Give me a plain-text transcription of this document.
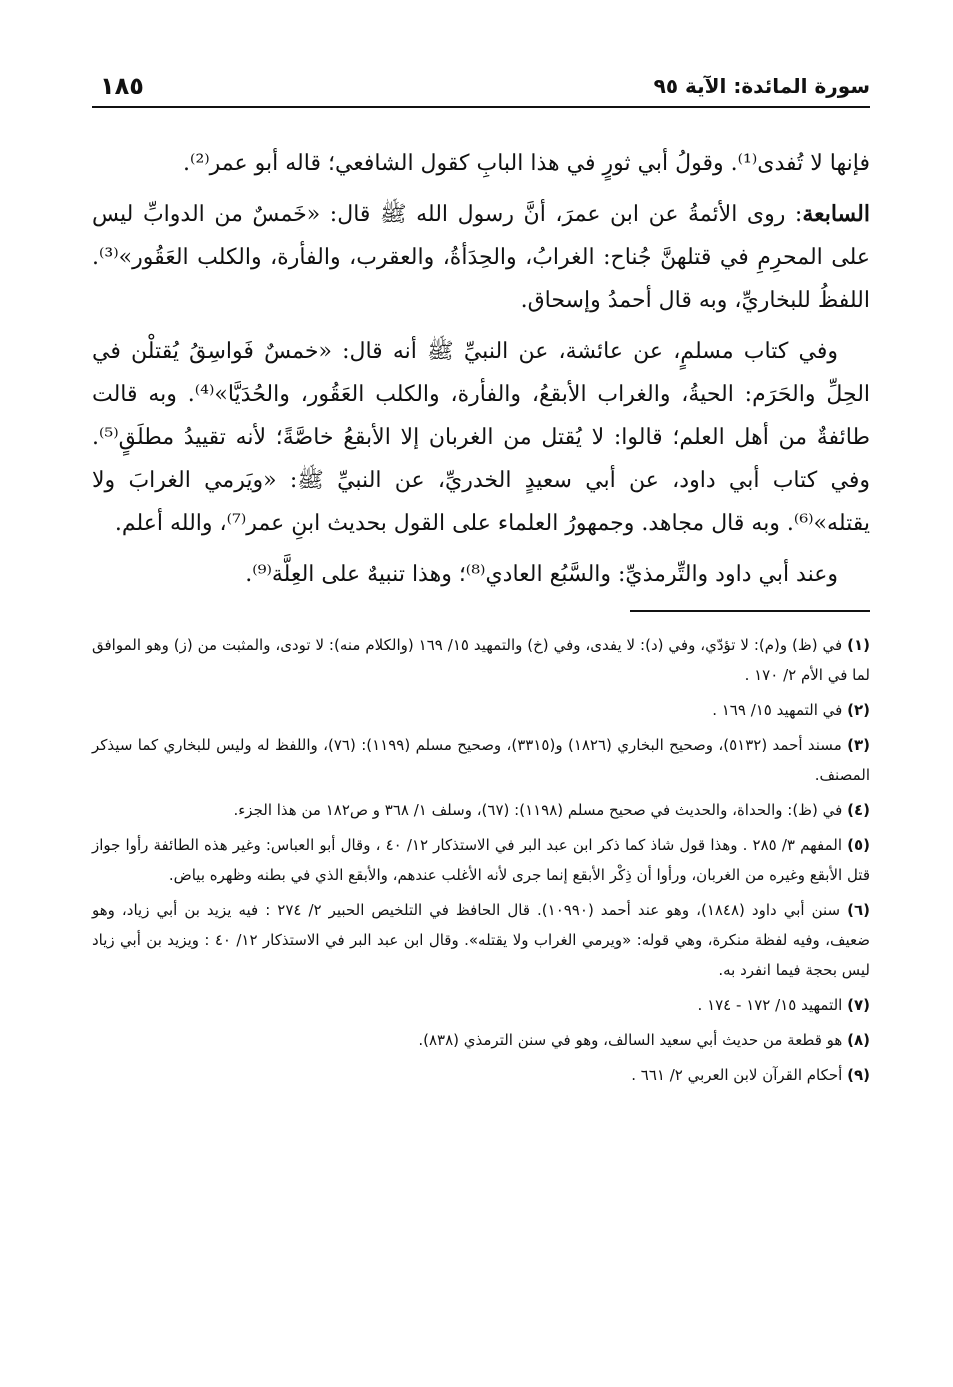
سورة المائدة: الآية ٩٥
١٨٥

فإنها لا تُفدى⁽¹⁾. وقولُ أبي ثورٍ في هذا البابِ كقول الشافعي؛ قاله أبو عمر⁽²⁾.

السابعة: روى الأئمةُ عن ابن عمرَ، أنَّ رسول الله ﷺ قال: «خَمسٌ من الدوابِّ ليس على المحرِمِ في قتلهنَّ جُناح: الغرابُ، والحِدَأةُ، والعقرب، والفأرة، والكلب العَقُور»⁽³⁾. اللفظُ للبخاريِّ، وبه قال أحمدُ وإسحاق.

وفي كتاب مسلمٍ، عن عائشة، عن النبيِّ ﷺ أنه قال: «خمسٌ فَواسِقُ يُقتلْن في الحِلِّ والحَرَم: الحيةُ، والغراب الأبقعُ، والفأرة، والكلب العَقُور، والحُدَيَّا»⁽⁴⁾. وبه قالت طائفةٌ من أهل العلم؛ قالوا: لا يُقتل من الغربان إلا الأبقعُ خاصَّةً؛ لأنه تقييدُ مطلَقٍ⁽⁵⁾. وفي كتاب أبي داود، عن أبي سعيدٍ الخدريِّ، عن النبيِّ ﷺ: «ويَرمي الغرابَ ولا يقتله»⁽⁶⁾. وبه قال مجاهد. وجمهورُ العلماء على القول بحديث ابنِ عمر⁽⁷⁾، والله أعلم.

وعند أبي داود والتِّرمذيِّ: والسَّبُع العادي⁽⁸⁾؛ وهذا تنبيهٌ على العِلَّة⁽⁹⁾.

(١) في (ظ) و(م): لا تؤدّي، وفي (د): لا يفدى، وفي (خ) والتمهيد ١٥/ ١٦٩ (والكلام منه): لا تودى، والمثبت من (ز) وهو الموافق لما في الأم ٢/ ١٧٠ .
(٢) في التمهيد ١٥/ ١٦٩ .
(٣) مسند أحمد (٥١٣٢)، وصحيح البخاري (١٨٢٦) و(٣٣١٥)، وصحيح مسلم (١١٩٩): (٧٦)، واللفظ له وليس للبخاري كما سيذكر المصنف.
(٤) في (ظ): والحداة، والحديث في صحيح مسلم (١١٩٨): (٦٧)، وسلف ١/ ٣٦٨ و ص١٨٢ من هذا الجزء.
(٥) المفهم ٣/ ٢٨٥ . وهذا قول شاذ كما ذكر ابن عبد البر في الاستذكار ١٢/ ٤٠ ، وقال أبو العباس: وغير هذه الطائفة رأوا جواز قتل الأبقع وغيره من الغربان، ورأوا أن ذِكْر الأبقع إنما جرى لأنه الأغلب عندهم، والأبقع الذي في بطنه وظهره بياض.
(٦) سنن أبي داود (١٨٤٨)، وهو عند أحمد (١٠٩٩٠). قال الحافظ في التلخيص الحبير ٢/ ٢٧٤ : فيه يزيد بن أبي زياد، وهو ضعيف، وفيه لفظة منكرة، وهي قوله: «ويرمي الغراب ولا يقتله». وقال ابن عبد البر في الاستذكار ١٢/ ٤٠ : ويزيد بن أبي زياد ليس بحجة فيما انفرد به.
(٧) التمهيد ١٥/ ١٧٢ - ١٧٤ .
(٨) هو قطعة من حديث أبي سعيد السالف، وهو في سنن الترمذي (٨٣٨).
(٩) أحكام القرآن لابن العربي ٢/ ٦٦١ .
